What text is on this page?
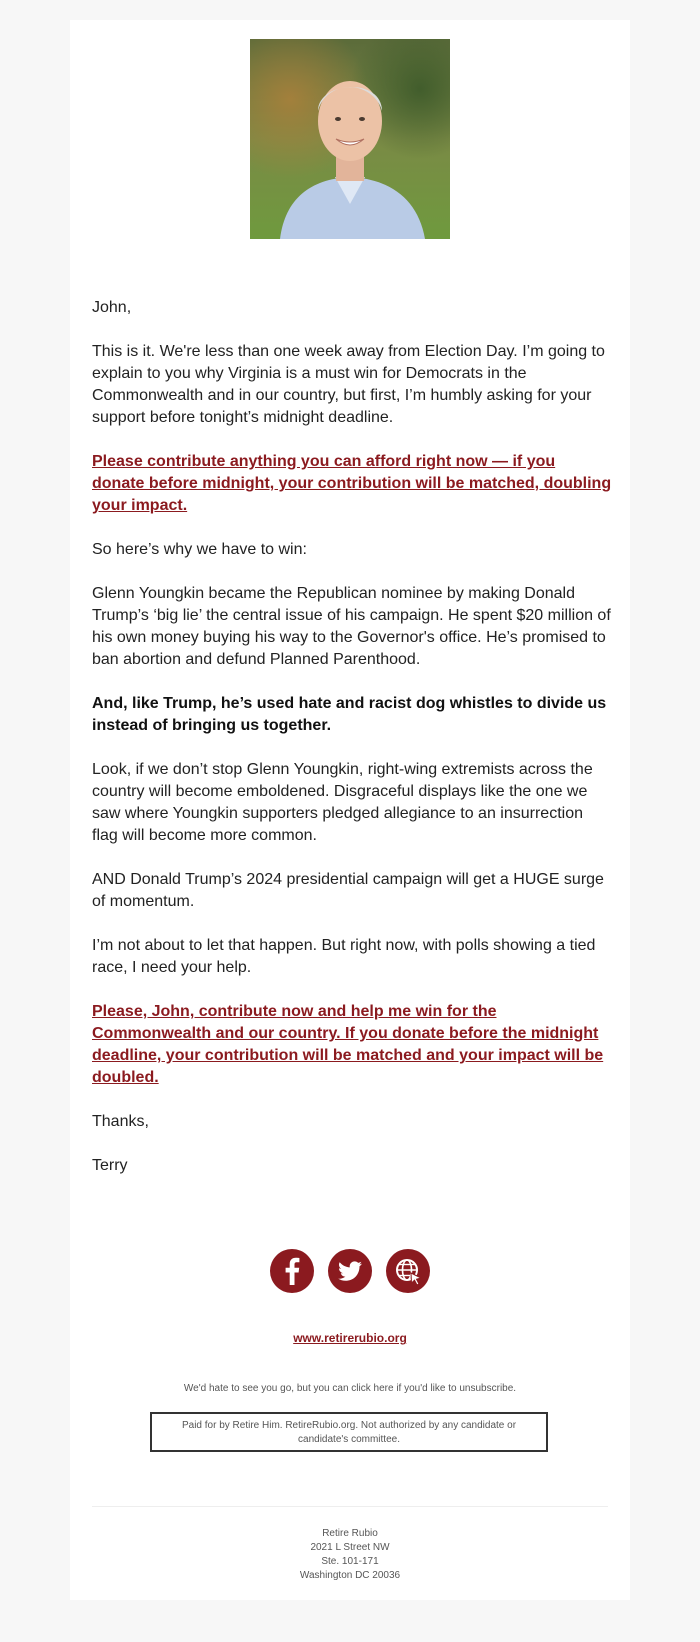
John,

This is it. We're less than one week away from Election Day. I’m going to explain to you why Virginia is a must win for Democrats in the Commonwealth and in our country, but first, I’m humbly asking for your support before tonight’s midnight deadline.

Please contribute anything you can afford right now — if you donate before midnight, your contribution will be matched, doubling your impact.

So here’s why we have to win:

Glenn Youngkin became the Republican nominee by making Donald Trump’s ‘big lie’ the central issue of his campaign. He spent $20 million of his own money buying his way to the Governor's office. He’s promised to ban abortion and defund Planned Parenthood.

And, like Trump, he’s used hate and racist dog whistles to divide us instead of bringing us together.

Look, if we don’t stop Glenn Youngkin, right-wing extremists across the country will become emboldened. Disgraceful displays like the one we saw where Youngkin supporters pledged allegiance to an insurrection flag will become more common.

AND Donald Trump’s 2024 presidential campaign will get a HUGE surge of momentum.

I’m not about to let that happen. But right now, with polls showing a tied race, I need your help.

Please, John, contribute now and help me win for the Commonwealth and our country. If you donate before the midnight deadline, your contribution will be matched and your impact will be doubled.

Thanks,

Terry

www.retirerubio.org
We'd hate to see you go, but you can click here if you'd like to unsubscribe.
Paid for by Retire Him. RetireRubio.org. Not authorized by any candidate or candidate's committee.
Retire Rubio
2021 L Street NW
Ste. 101-171
Washington DC 20036
